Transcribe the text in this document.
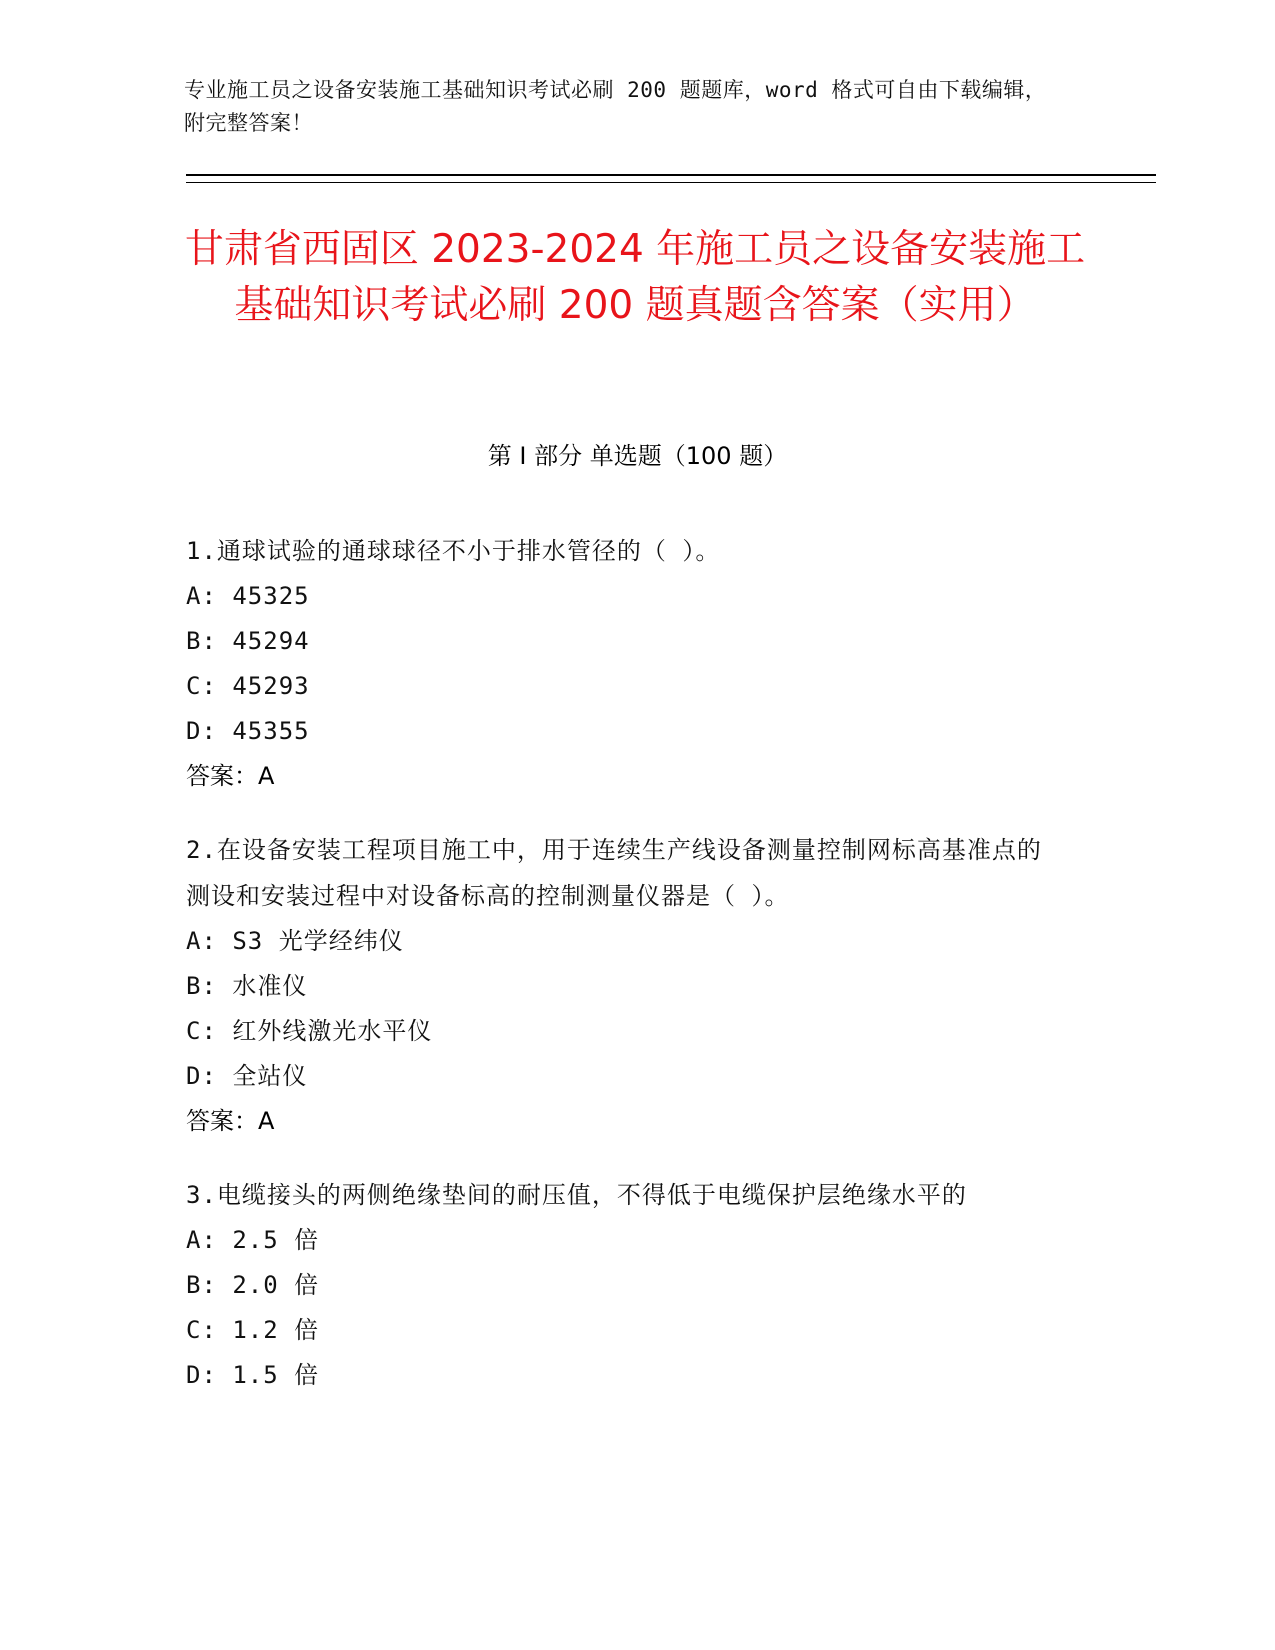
专业施工员之设备安装施工基础知识考试必刷 200 题题库，word 格式可自由下载编辑，附完整答案！
甘肃省西固区 2023-2024 年施工员之设备安装施工基础知识考试必刷 200 题真题含答案（实用）
第 I 部分 单选题（100 题）
1.通球试验的通球球径不小于排水管径的（ ）。
A: 45325
B: 45294
C: 45293
D: 45355
答案：A
2.在设备安装工程项目施工中，用于连续生产线设备测量控制网标高基准点的测设和安装过程中对设备标高的控制测量仪器是（ ）。
A: S3 光学经纬仪
B: 水准仪
C: 红外线激光水平仪
D: 全站仪
答案：A
3.电缆接头的两侧绝缘垫间的耐压值，不得低于电缆保护层绝缘水平的
A: 2.5 倍
B: 2.0 倍
C: 1.2 倍
D: 1.5 倍
